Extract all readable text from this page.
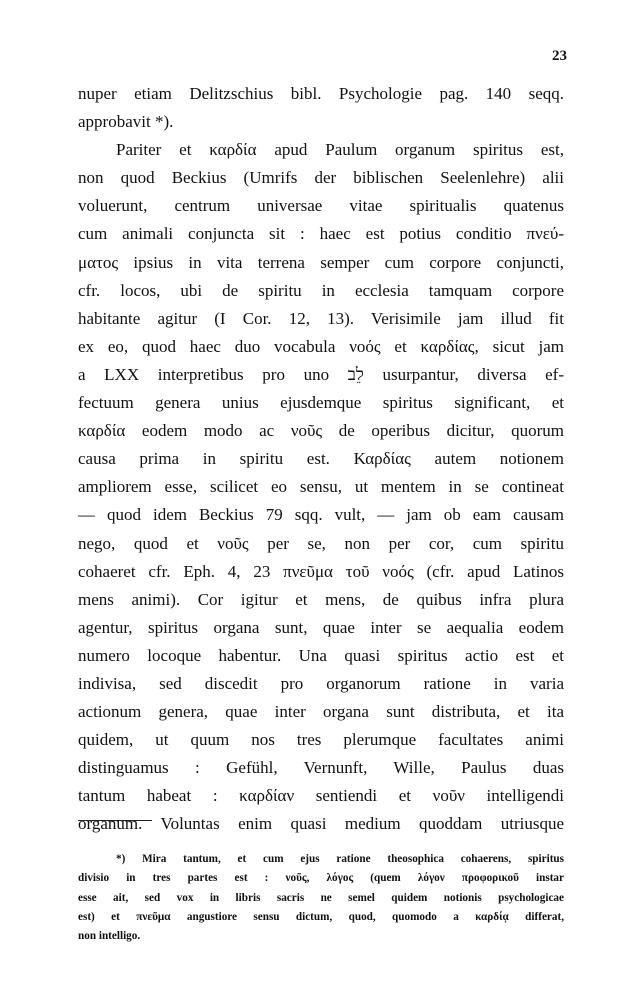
23
nuper etiam Delitzschius bibl. Psychologie pag. 140 seqq.
approbavit *).
Pariter et καρδία apud Paulum organum spiritus est,
non quod Beckius (Umrifs der biblischen Seelenlehre) alii
voluerunt, centrum universae vitae spiritualis quatenus
cum animali conjuncta sit : haec est potius conditio πνεύ-
ματος ipsius in vita terrena semper cum corpore conjuncti,
cfr. locos, ubi de spiritu in ecclesia tamquam corpore
habitante agitur (I Cor. 12, 13). Verisimile jam illud fit
ex eo, quod haec duo vocabula νοός et καρδίας, sicut jam
a LXX interpretibus pro uno לֵב usurpantur, diversa ef-
fectuum genera unius ejusdemque spiritus significant, et
καρδία eodem modo ac νοῦς de operibus dicitur, quorum
causa prima in spiritu est. Καρδίας autem notionem
ampliorem esse, scilicet eo sensu, ut mentem in se contineat
— quod idem Beckius 79 sqq. vult, — jam ob eam causam
nego, quod et νοῦς per se, non per cor, cum spiritu
cohaeret cfr. Eph. 4, 23 πνεῦμα τοῦ νοός (cfr. apud Latinos
mens animi). Cor igitur et mens, de quibus infra plura
agentur, spiritus organa sunt, quae inter se aequalia eodem
numero locoque habentur. Una quasi spiritus actio est et
indivisa, sed discedit pro organorum ratione in varia
actionum genera, quae inter organa sunt distributa, et ita
quidem, ut quum nos tres plerumque facultates animi
distinguamus : Gefühl, Vernunft, Wille, Paulus duas
tantum habeat : καρδίαν sentiendi et νοῦν intelligendi
organum. Voluntas enim quasi medium quoddam utriusque
*) Mira tantum, et cum ejus ratione theosophica cohaerens, spiritus
divisio in tres partes est : νοῦς, λόγος (quem λόγον προφορικοῦ instar
esse ait, sed vox in libris sacris ne semel quidem notionis psychologicae
est) et πνεῦμα angustiore sensu dictum, quod, quomodo a καρδίᾳ differat,
non intelligo.
